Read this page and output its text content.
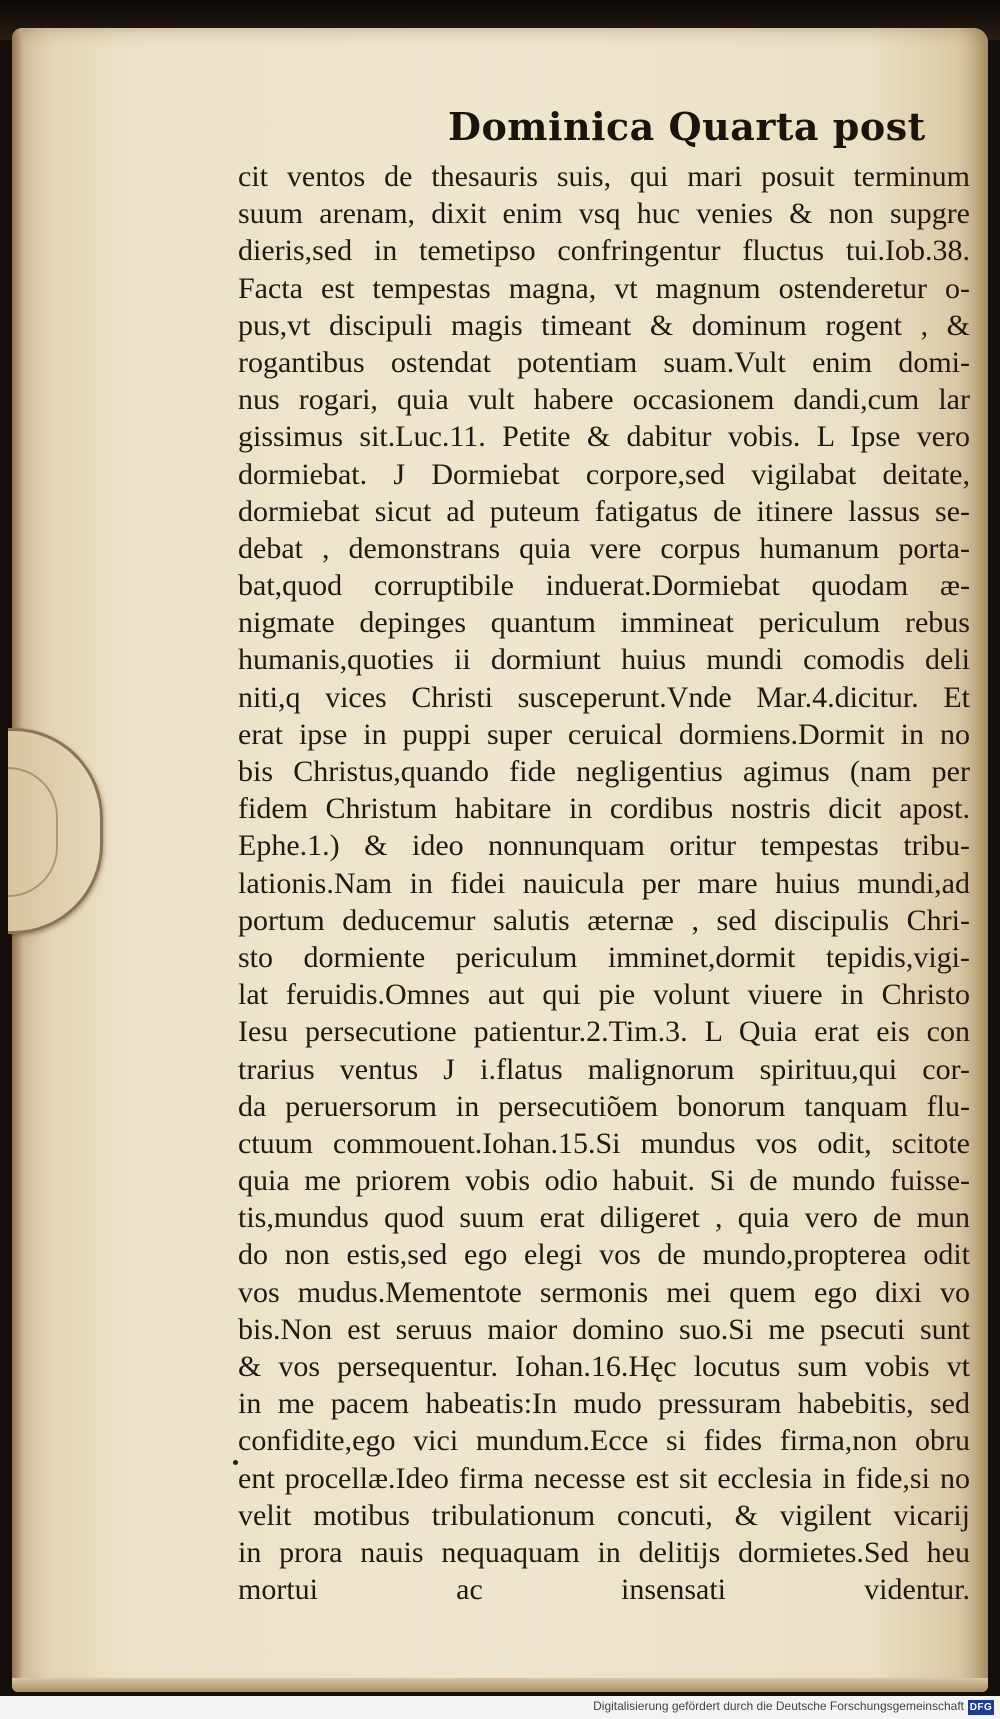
Dominica Quarta post
cit ventos de thesauris suis, qui mari posuit terminum
suum arenam, dixit enim vsq huc venies & non supgre
dieris,sed in temetipso confringentur fluctus tui.Iob.38.
Facta est tempestas magna, vt magnum ostenderetur o-
pus,vt discipuli magis timeant & dominum rogent , &
rogantibus ostendat potentiam suam.Vult enim domi-
nus rogari, quia vult habere occasionem dandi,cum lar
gissimus sit.Luc.11. Petite & dabitur vobis. L Ipse vero
dormiebat. J Dormiebat corpore,sed vigilabat deitate,
dormiebat sicut ad puteum fatigatus de itinere lassus se-
debat , demonstrans quia vere corpus humanum porta-
bat,quod corruptibile induerat.Dormiebat quodam æ-
nigmate depinges quantum immineat periculum rebus
humanis,quoties ii dormiunt huius mundi comodis deli
niti,q vices Christi susceperunt.Vnde Mar.4.dicitur. Et
erat ipse in puppi super ceruical dormiens.Dormit in no
bis Christus,quando fide negligentius agimus (nam per
fidem Christum habitare in cordibus nostris dicit apost.
Ephe.1.) & ideo nonnunquam oritur tempestas tribu-
lationis.Nam in fidei nauicula per mare huius mundi,ad
portum deducemur salutis æternæ , sed discipulis Chri-
sto dormiente periculum imminet,dormit tepidis,vigi-
lat feruidis.Omnes aut qui pie volunt viuere in Christo
Iesu persecutione patientur.2.Tim.3. L Quia erat eis con
trarius ventus J i.flatus malignorum spirituu,qui cor-
da peruersorum in persecutiõem bonorum tanquam flu-
ctuum commouent.Iohan.15.Si mundus vos odit, scitote
quia me priorem vobis odio habuit. Si de mundo fuisse-
tis,mundus quod suum erat diligeret , quia vero de mun
do non estis,sed ego elegi vos de mundo,propterea odit
vos mudus.Mementote sermonis mei quem ego dixi vo
bis.Non est seruus maior domino suo.Si me psecuti sunt
& vos persequentur. Iohan.16.Hęc locutus sum vobis vt
in me pacem habeatis:In mudo pressuram habebitis, sed
confidite,ego vici mundum.Ecce si fides firma,non obru
ent procellæ.Ideo firma necesse est sit ecclesia in fide,si no
velit motibus tribulationum concuti, & vigilent vicarij
in prora nauis nequaquam in delitijs dormietes.Sed heu
mortui ac insensati videntur.
Digitalisierung gefördert durch die Deutsche Forschungsgemeinschaft DFG
